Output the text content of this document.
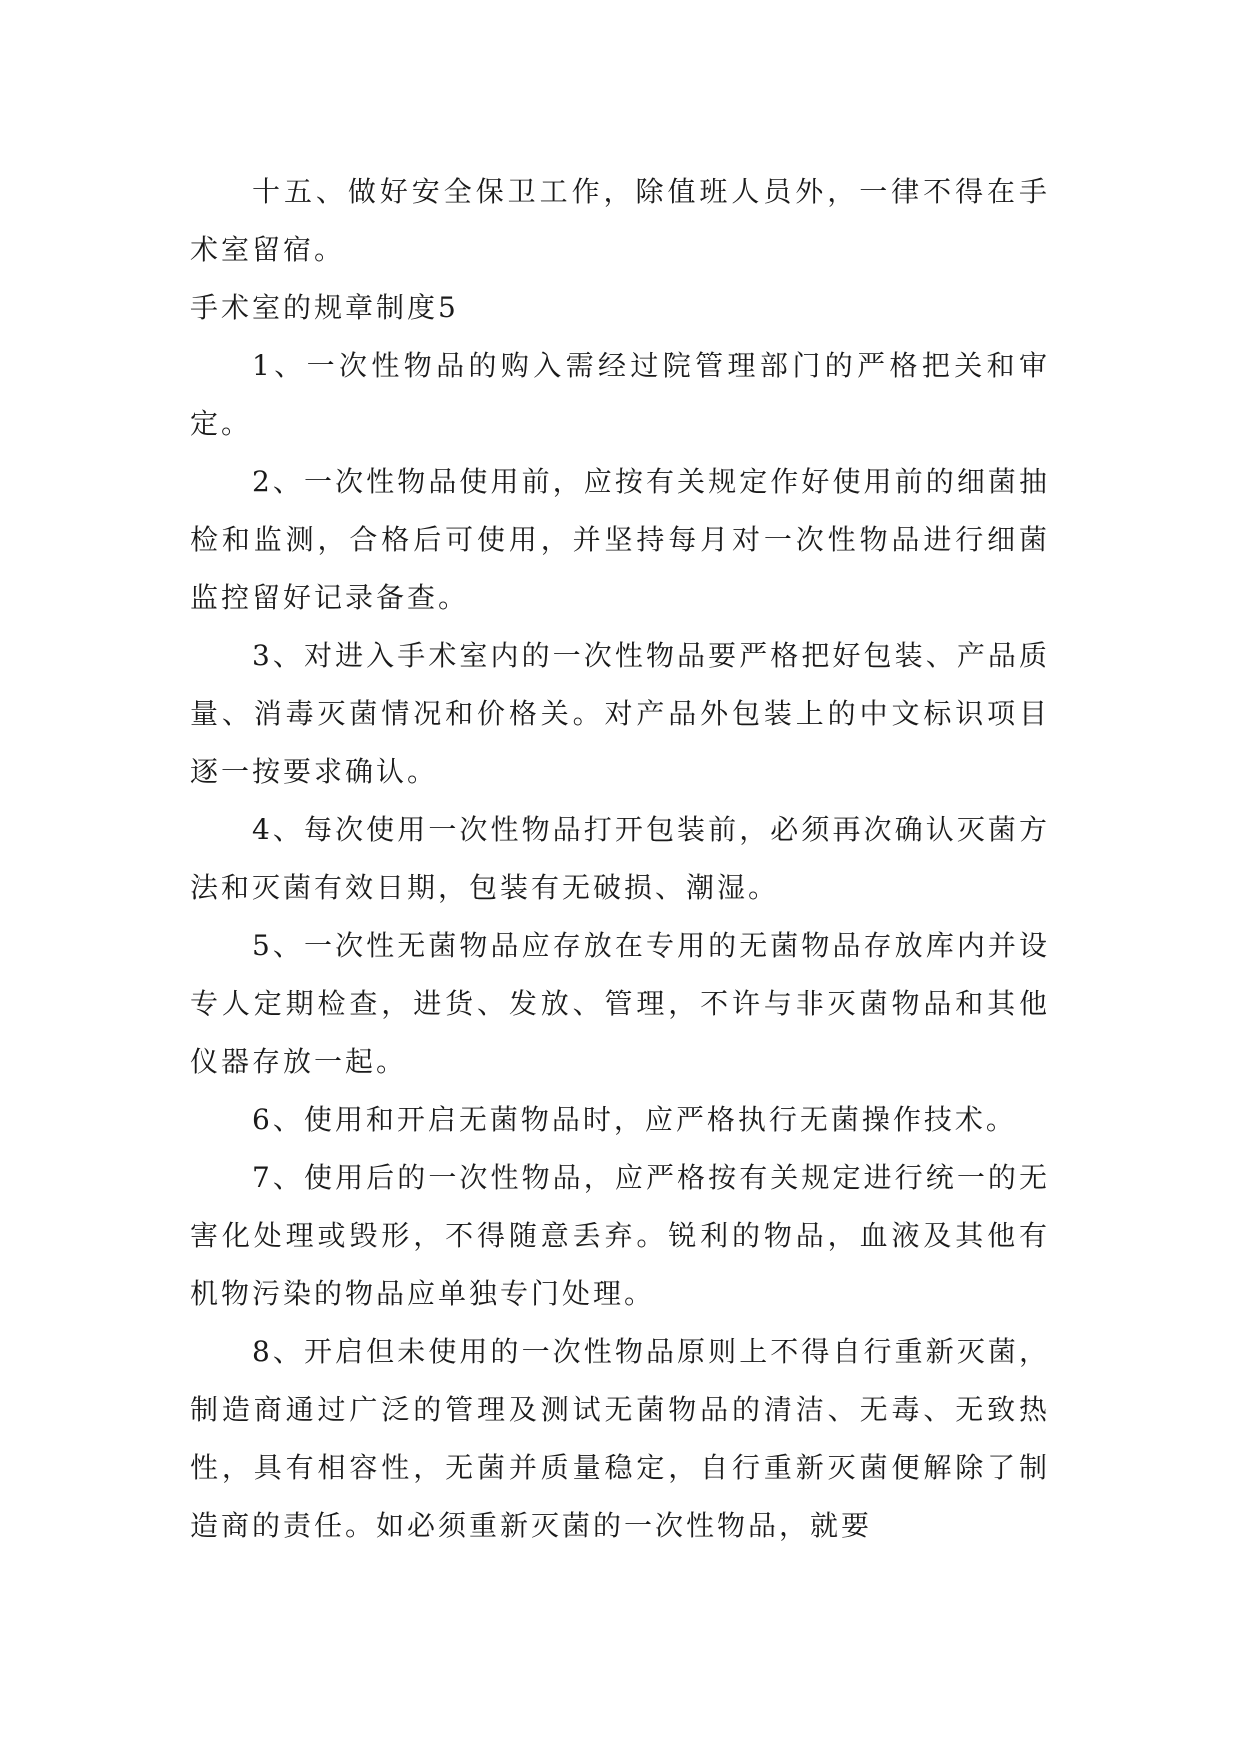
十五、做好安全保卫工作，除值班人员外，一律不得在手术室留宿。

手术室的规章制度5

1、一次性物品的购入需经过院管理部门的严格把关和审定。

2、一次性物品使用前，应按有关规定作好使用前的细菌抽检和监测，合格后可使用，并坚持每月对一次性物品进行细菌监控留好记录备查。

3、对进入手术室内的一次性物品要严格把好包装、产品质量、消毒灭菌情况和价格关。对产品外包装上的中文标识项目逐一按要求确认。

4、每次使用一次性物品打开包装前，必须再次确认灭菌方法和灭菌有效日期，包装有无破损、潮湿。

5、一次性无菌物品应存放在专用的无菌物品存放库内并设专人定期检查，进货、发放、管理，不许与非灭菌物品和其他仪器存放一起。

6、使用和开启无菌物品时，应严格执行无菌操作技术。

7、使用后的一次性物品，应严格按有关规定进行统一的无害化处理或毁形，不得随意丢弃。锐利的物品，血液及其他有机物污染的物品应单独专门处理。

8、开启但未使用的一次性物品原则上不得自行重新灭菌，制造商通过广泛的管理及测试无菌物品的清洁、无毒、无致热性，具有相容性，无菌并质量稳定，自行重新灭菌便解除了制造商的责任。如必须重新灭菌的一次性物品，就要
